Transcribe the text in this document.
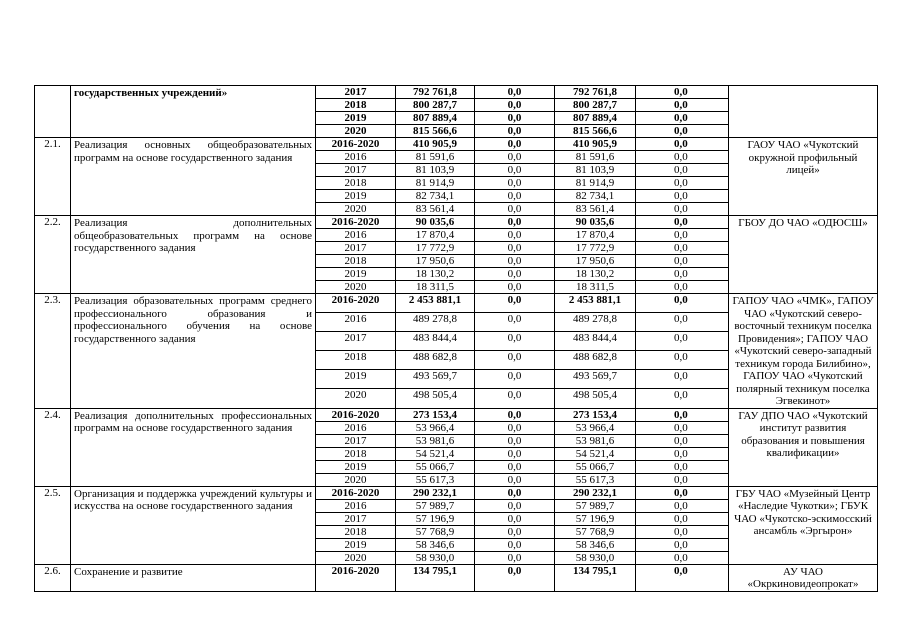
	государственных учреждений»	2017	792 761,8	0,0	792 761,8	0,0	
		2018	800 287,7	0,0	800 287,7	0,0	
		2019	807 889,4	0,0	807 889,4	0,0	
		2020	815 566,6	0,0	815 566,6	0,0	
2.1.	Реализация основных общеобразовательных программ на основе государственного задания	2016-2020	410 905,9	0,0	410 905,9	0,0	ГАОУ ЧАО «Чукотский окружной профильный лицей»
		2016	81 591,6	0,0	81 591,6	0,0	
		2017	81 103,9	0,0	81 103,9	0,0	
		2018	81 914,9	0,0	81 914,9	0,0	
		2019	82 734,1	0,0	82 734,1	0,0	
		2020	83 561,4	0,0	83 561,4	0,0	
2.2.	Реализация дополнительных общеобразовательных программ на основе государственного задания	2016-2020	90 035,6	0,0	90 035,6	0,0	ГБОУ ДО ЧАО «ОДЮСШ»
		2016	17 870,4	0,0	17 870,4	0,0	
		2017	17 772,9	0,0	17 772,9	0,0	
		2018	17 950,6	0,0	17 950,6	0,0	
		2019	18 130,2	0,0	18 130,2	0,0	
		2020	18 311,5	0,0	18 311,5	0,0	
2.3.	Реализация образовательных программ среднего профессионального образования и профессионального обучения на основе государственного задания	2016-2020	2 453 881,1	0,0	2 453 881,1	0,0	ГАПОУ ЧАО «ЧМК», ГАПОУ ЧАО «Чукотский северо-восточный техникум поселка Провидения»; ГАПОУ ЧАО «Чукотский северо-западный техникум города Билибино», ГАПОУ ЧАО «Чукотский полярный техникум поселка Эгвекинот»
		2016	489 278,8	0,0	489 278,8	0,0	
		2017	483 844,4	0,0	483 844,4	0,0	
		2018	488 682,8	0,0	488 682,8	0,0	
		2019	493 569,7	0,0	493 569,7	0,0	
		2020	498 505,4	0,0	498 505,4	0,0	
2.4.	Реализация дополнительных профессиональных программ на основе государственного задания	2016-2020	273 153,4	0,0	273 153,4	0,0	ГАУ ДПО ЧАО «Чукотский институт развития образования и повышения квалификации»
		2016	53 966,4	0,0	53 966,4	0,0	
		2017	53 981,6	0,0	53 981,6	0,0	
		2018	54 521,4	0,0	54 521,4	0,0	
		2019	55 066,7	0,0	55 066,7	0,0	
		2020	55 617,3	0,0	55 617,3	0,0	
2.5.	Организация и поддержка учреждений культуры и искусства на основе государственного задания	2016-2020	290 232,1	0,0	290 232,1	0,0	ГБУ ЧАО «Музейный Центр «Наследие Чукотки»; ГБУК ЧАО «Чукотско-эскимосский ансамбль «Эргырон»
		2016	57 989,7	0,0	57 989,7	0,0	
		2017	57 196,9	0,0	57 196,9	0,0	
		2018	57 768,9	0,0	57 768,9	0,0	
		2019	58 346,6	0,0	58 346,6	0,0	
		2020	58 930,0	0,0	58 930,0	0,0	
2.6.	Сохранение и развитие	2016-2020	134 795,1	0,0	134 795,1	0,0	АУ ЧАО «Окркиновидеопрокат»
